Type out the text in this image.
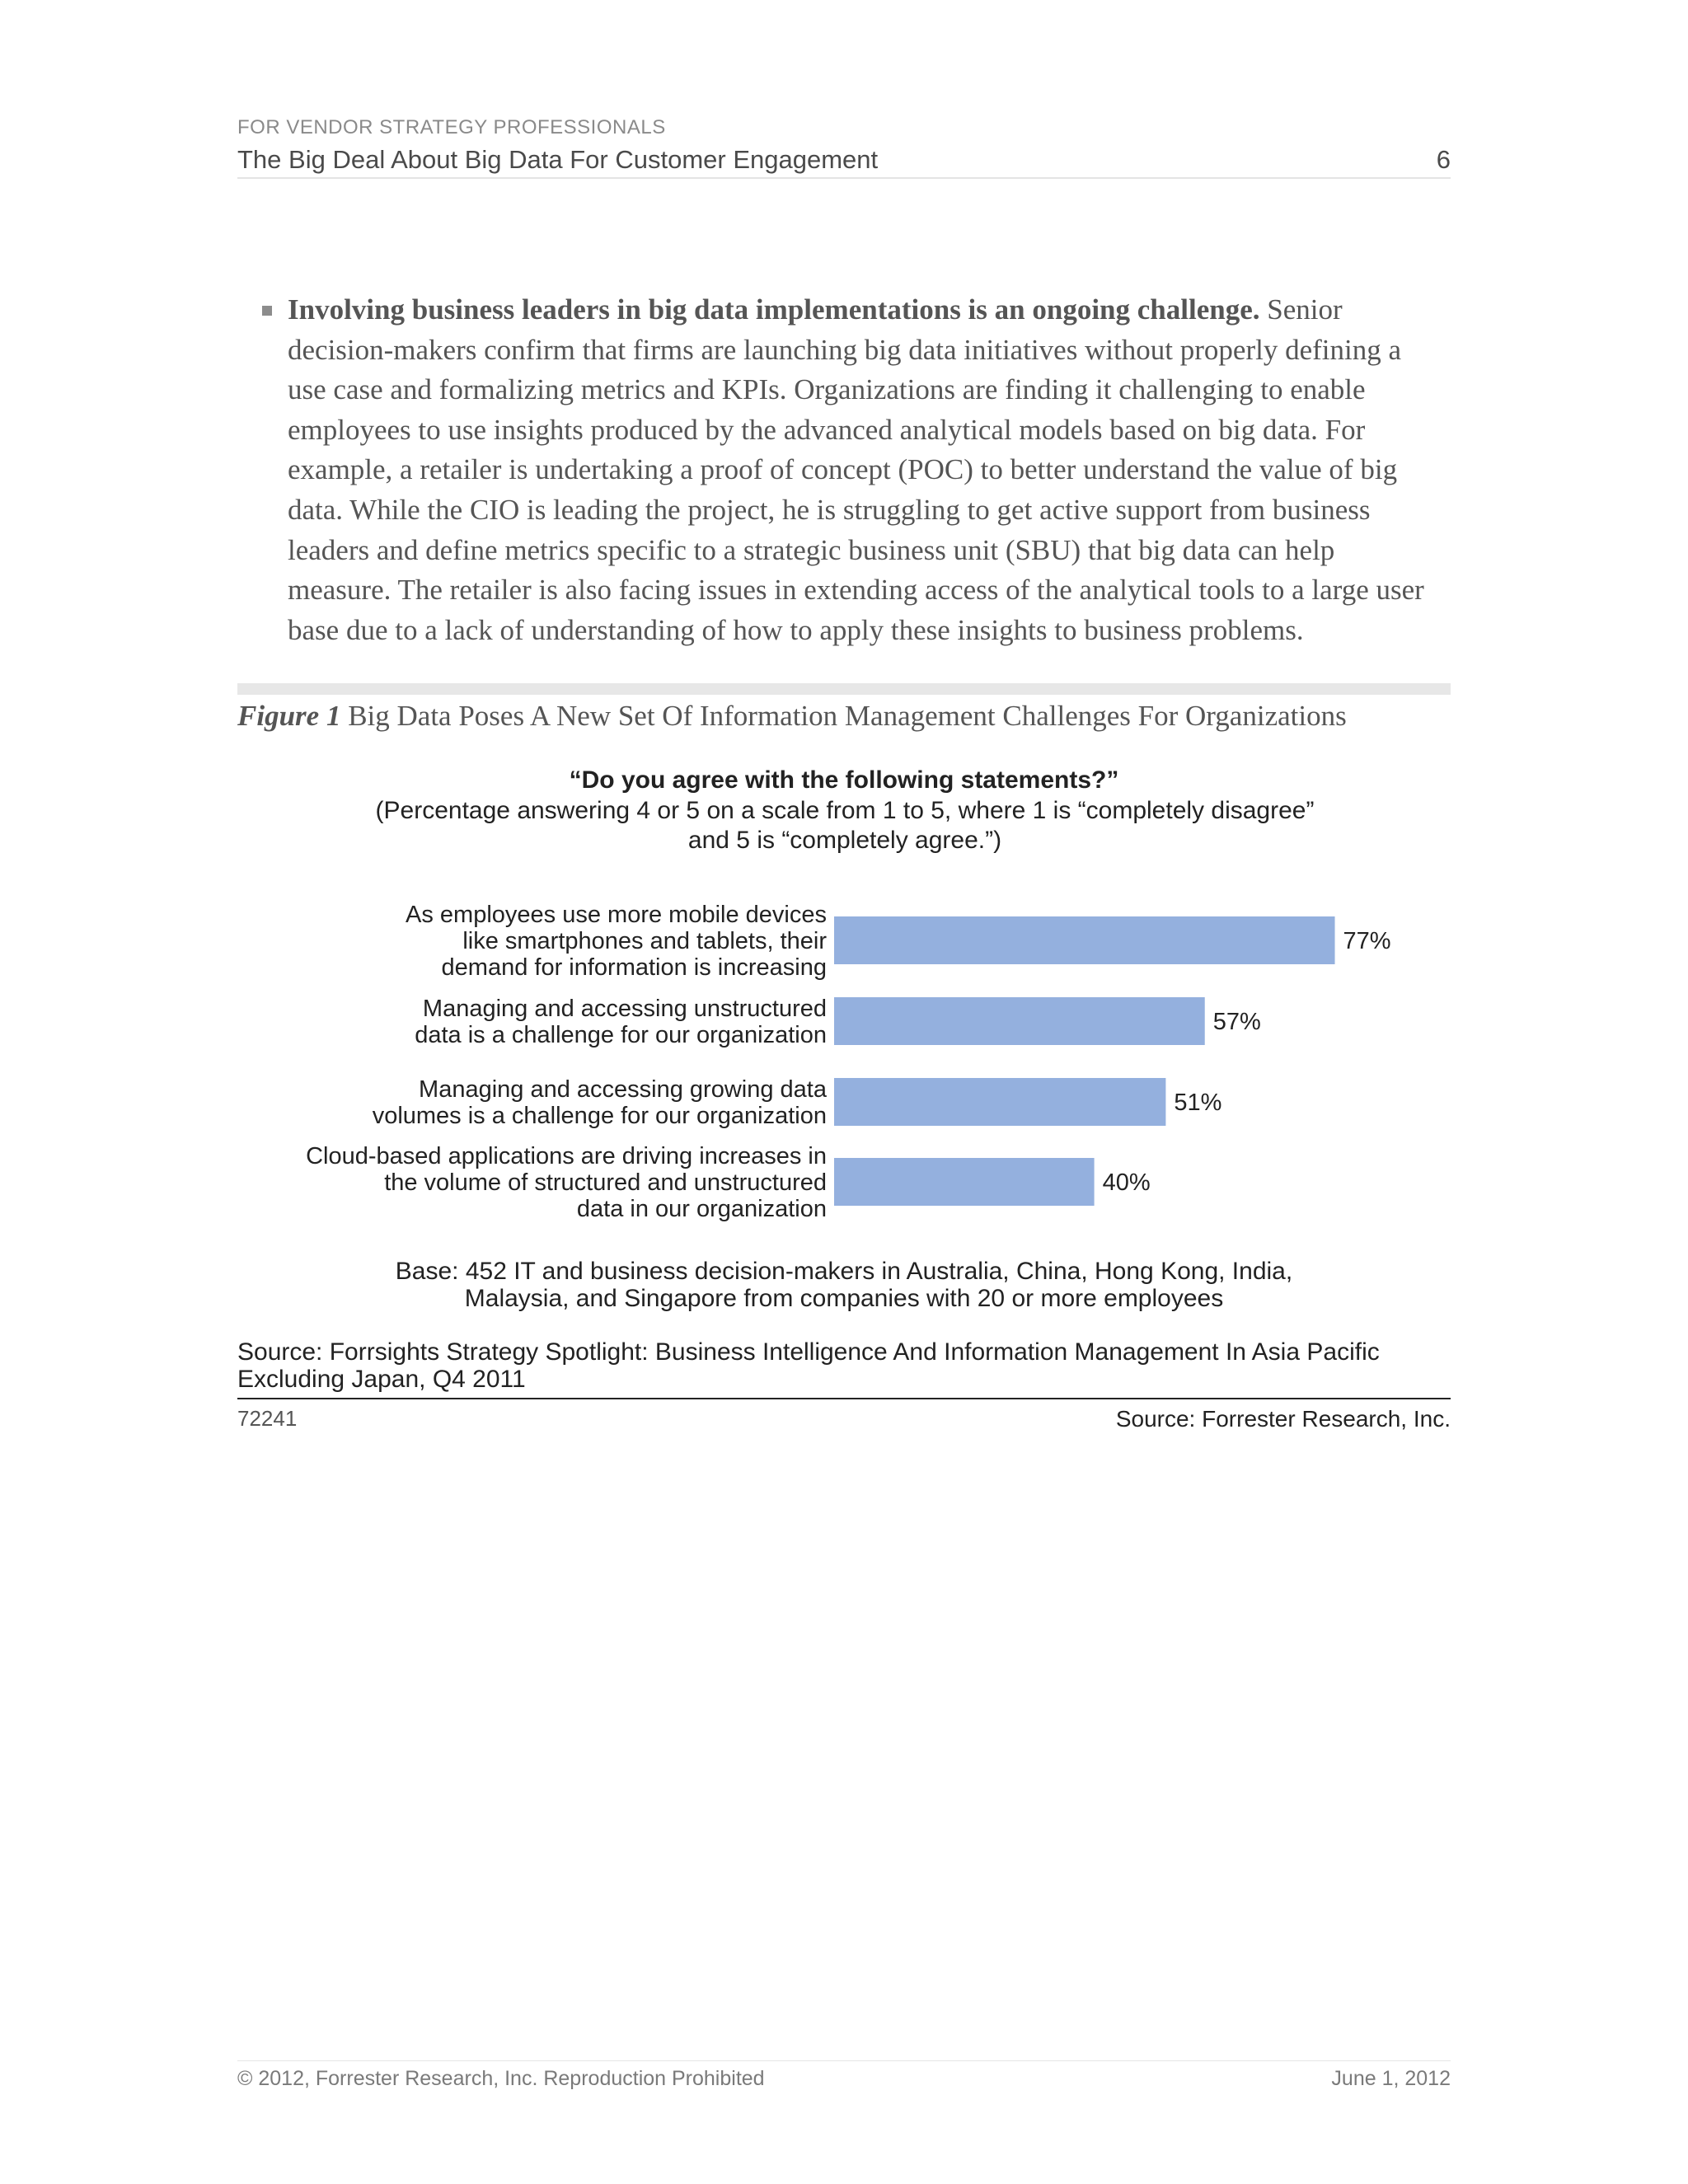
FOR VENDOR STRATEGY PROFESSIONALS
The Big Deal About Big Data For Customer Engagement	6
Involving business leaders in big data implementations is an ongoing challenge. Senior decision-makers confirm that firms are launching big data initiatives without properly defining a use case and formalizing metrics and KPIs. Organizations are finding it challenging to enable employees to use insights produced by the advanced analytical models based on big data. For example, a retailer is undertaking a proof of concept (POC) to better understand the value of big data. While the CIO is leading the project, he is struggling to get active support from business leaders and define metrics specific to a strategic business unit (SBU) that big data can help measure. The retailer is also facing issues in extending access of the analytical tools to a large user base due to a lack of understanding of how to apply these insights to business problems.
Figure 1 Big Data Poses A New Set Of Information Management Challenges For Organizations
“Do you agree with the following statements?”
(Percentage answering 4 or 5 on a scale from 1 to 5, where 1 is “completely disagree”
and 5 is “completely agree.”)
77%
As employees use more mobile devices
like smartphones and tablets, their
demand for information is increasing
57%
Managing and accessing unstructured
data is a challenge for our organization
51%
Managing and accessing growing data
volumes is a challenge for our organization
40%
Cloud-based applications are driving increases in
the volume of structured and unstructured
data in our organization
Base: 452 IT and business decision-makers in Australia, China, Hong Kong, India,
Malaysia, and Singapore from companies with 20 or more employees
Source: Forrsights Strategy Spotlight: Business Intelligence And Information Management In Asia Pacific
Excluding Japan, Q4 2011
72241	Source: Forrester Research, Inc.
© 2012, Forrester Research, Inc. Reproduction Prohibited	June 1, 2012
